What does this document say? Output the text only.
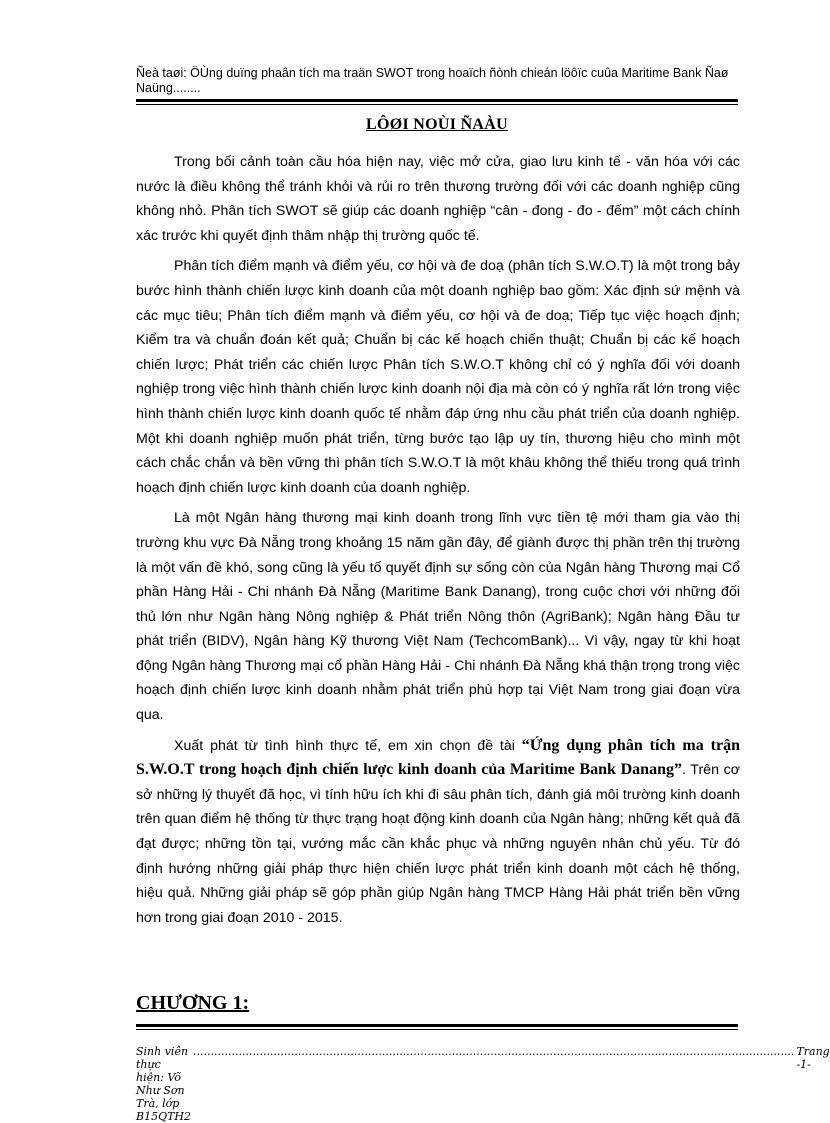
Ñeà taøi: ÖÙng duïng phaân tích ma traän SWOT trong hoaïch ñònh chieán löôïc cuûa Maritime Bank Ñaø Naüng........
LÔØI NOÙI ÑAÀU

Trong bối cảnh toàn cầu hóa hiện nay, việc mở cửa, giao lưu kinh tế - văn hóa với các nước là điều không thể tránh khỏi và rủi ro trên thương trường đối với các doanh nghiệp cũng không nhỏ. Phân tích SWOT sẽ giúp các doanh nghiệp “cân - đong - đo - đếm” một cách chính xác trước khi quyết định thâm nhập thị trường quốc tế.

Phân tích điểm mạnh và điểm yếu, cơ hội và đe doạ (phân tích S.W.O.T) là một trong bảy bước hình thành chiến lược kinh doanh của một doanh nghiệp bao gồm: Xác định sứ mệnh và các mục tiêu; Phân tích điểm mạnh và điểm yếu, cơ hội và đe doạ; Tiếp tục việc hoạch định; Kiểm tra và chuẩn đoán kết quả; Chuẩn bị các kế hoạch chiến thuật; Chuẩn bị các kế hoạch chiến lược; Phát triển các chiến lược Phân tích S.W.O.T không chỉ có ý nghĩa đối với doanh nghiệp trong việc hình thành chiến lược kinh doanh nội địa mà còn có ý nghĩa rất lớn trong việc hình thành chiến lược kinh doanh quốc tế nhằm đáp ứng nhu cầu phát triển của doanh nghiệp. Một khi doanh nghiệp muốn phát triển, từng bước tạo lập uy tín, thương hiệu cho mình một cách chắc chắn và bền vững thì phân tích S.W.O.T là một khâu không thể thiếu trong quá trình hoạch định chiến lược kinh doanh của doanh nghiệp.

Là một Ngân hàng thương mại kinh doanh trong lĩnh vực tiền tệ mới tham gia vào thị trường khu vực Đà Nẵng trong khoảng 15 năm gần đây, để giành được thị phần trên thị trường là một vấn đề khó, song cũng là yếu tố quyết định sự sống còn của Ngân hàng Thương mại Cổ phần Hàng Hải - Chi nhánh Đà Nẵng (Maritime Bank Danang), trong cuộc chơi với những đối thủ lớn như Ngân hàng Nông nghiệp & Phát triển Nông thôn (AgriBank); Ngân hàng Đầu tư phát triển (BIDV), Ngân hàng Kỹ thương Việt Nam (TechcomBank)... Vì vậy, ngay từ khi hoạt động Ngân hàng Thương mại cổ phần Hàng Hải - Chi nhánh Đà Nẵng khá thận trọng trong việc hoạch định chiến lược kinh doanh nhằm phát triển phù hợp tại Việt Nam trong giai đoạn vừa qua.

Xuất phát từ tình hình thực tế, em xin chọn đề tài “Ứng dụng phân tích ma trận S.W.O.T trong hoạch định chiến lược kinh doanh của Maritime Bank Danang”. Trên cơ sở những lý thuyết đã học, vì tính hữu ích khi đi sâu phân tích, đánh giá môi trường kinh doanh trên quan điểm hệ thống từ thực trạng hoạt động kinh doanh của Ngân hàng; những kết quả đã đạt được; những tồn tại, vướng mắc cần khắc phục và những nguyên nhân chủ yếu. Từ đó định hướng những giải pháp thực hiện chiến lược phát triển kinh doanh một cách hệ thống, hiệu quả. Những giải pháp sẽ góp phần giúp Ngân hàng TMCP Hàng Hải phát triển bền vững hơn trong giai đoạn 2010 - 2015.

CHƯƠNG 1:
Sinh viên thực hiện: Võ Như Sơn Trà, lớp B15QTH2
............................................................................................................................................................................ Trang -1-
